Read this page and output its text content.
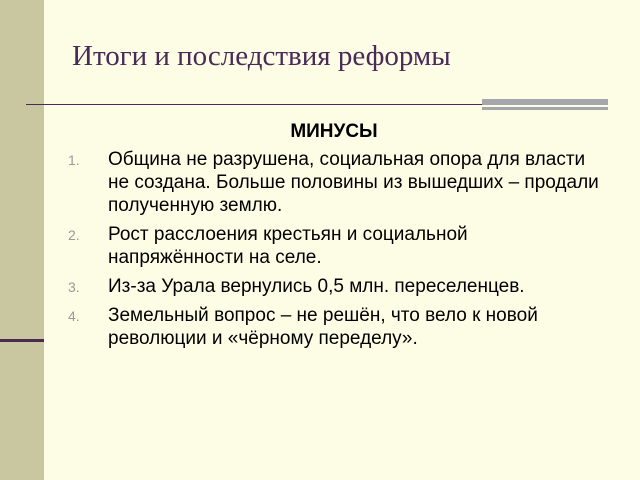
Итоги и последствия реформы
МИНУСЫ
1. Община не разрушена, социальная опора для власти не создана. Больше половины из вышедших – продали полученную землю.
2. Рост расслоения крестьян и социальной напряжённости на селе.
3. Из-за Урала вернулись 0,5 млн. переселенцев.
4. Земельный вопрос – не решён, что вело к новой революции и «чёрному переделу».
